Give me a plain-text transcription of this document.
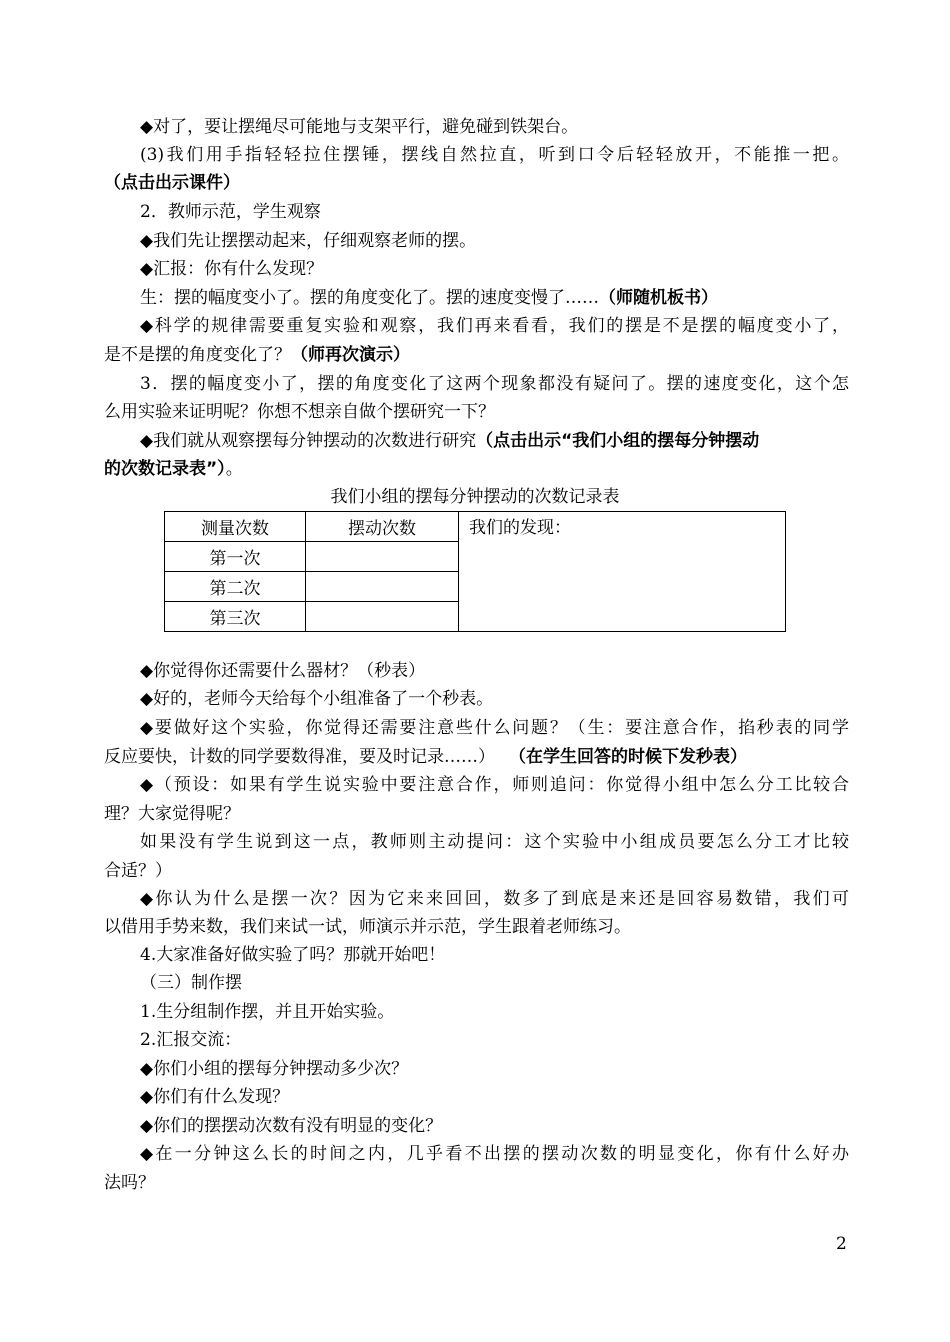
◆对了，要让摆绳尽可能地与支架平行，避免碰到铁架台。
(3)我们用手指轻轻拉住摆锤，摆线自然拉直，听到口令后轻轻放开，不能推一把。
（点击出示课件）
2．教师示范，学生观察
◆我们先让摆摆动起来，仔细观察老师的摆。
◆汇报：你有什么发现？
生：摆的幅度变小了。摆的角度变化了。摆的速度变慢了……（师随机板书）
◆科学的规律需要重复实验和观察，我们再来看看，我们的摆是不是摆的幅度变小了，
是不是摆的角度变化了？（师再次演示）
3．摆的幅度变小了，摆的角度变化了这两个现象都没有疑问了。摆的速度变化，这个怎
么用实验来证明呢？你想不想亲自做个摆研究一下？
◆我们就从观察摆每分钟摆动的次数进行研究（点击出示“我们小组的摆每分钟摆动
的次数记录表”）。
我们小组的摆每分钟摆动的次数记录表
测量次数	摆动次数	我们的发现：
第一次		
第二次		
第三次		
◆你觉得你还需要什么器材？（秒表）
◆好的，老师今天给每个小组准备了一个秒表。
◆要做好这个实验，你觉得还需要注意些什么问题？（生：要注意合作，掐秒表的同学
反应要快，计数的同学要数得准，要及时记录……） （在学生回答的时候下发秒表）
◆（预设：如果有学生说实验中要注意合作，师则追问：你觉得小组中怎么分工比较合
理？大家觉得呢？
如果没有学生说到这一点，教师则主动提问：这个实验中小组成员要怎么分工才比较
合适？）
◆你认为什么是摆一次？因为它来来回回，数多了到底是来还是回容易数错，我们可
以借用手势来数，我们来试一试，师演示并示范，学生跟着老师练习。
4.大家准备好做实验了吗？那就开始吧！
（三）制作摆
1.生分组制作摆，并且开始实验。
2.汇报交流：
◆你们小组的摆每分钟摆动多少次？
◆你们有什么发现？
◆你们的摆摆动次数有没有明显的变化？
◆在一分钟这么长的时间之内，几乎看不出摆的摆动次数的明显变化，你有什么好办
法吗？
2
